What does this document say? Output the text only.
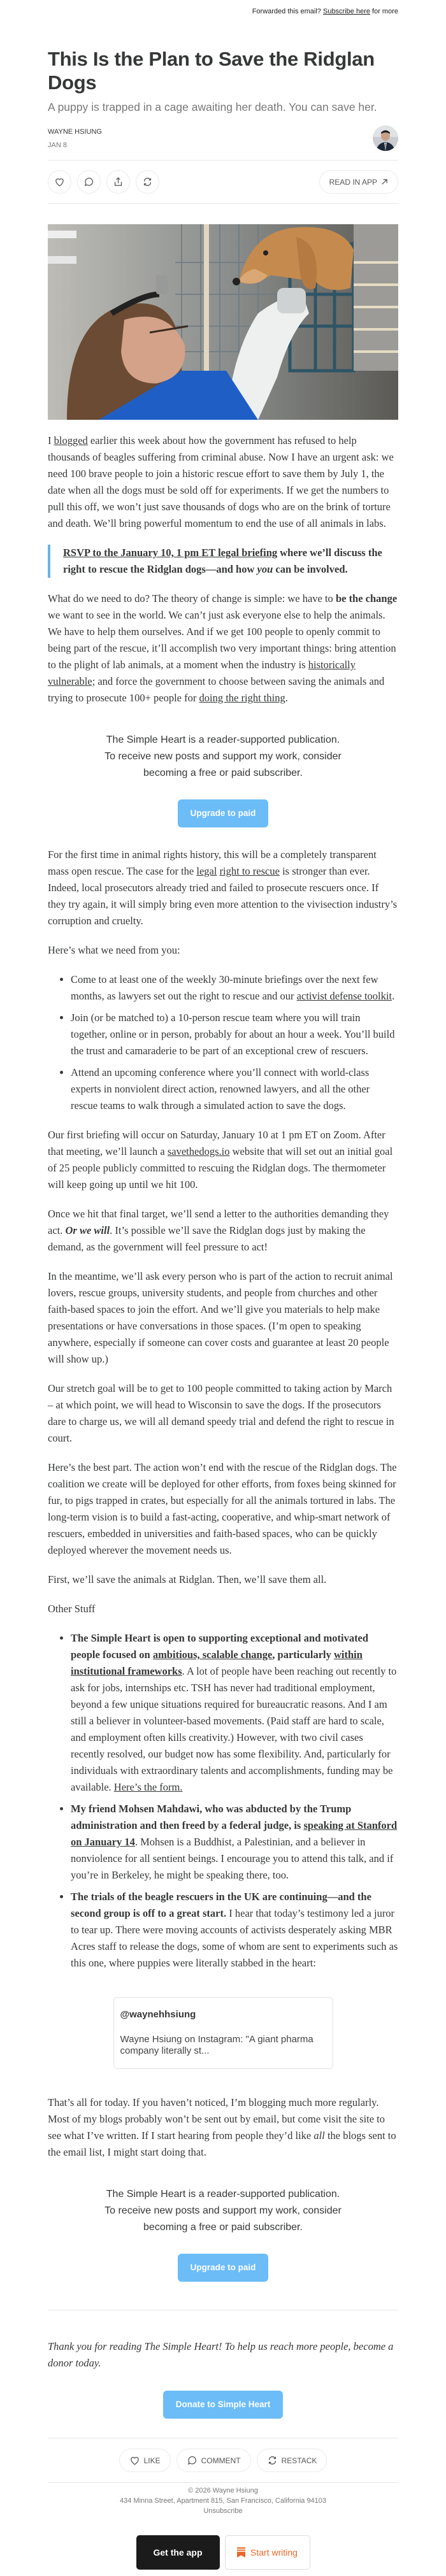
Forwarded this email? Subscribe here for more
This Is the Plan to Save the Ridglan Dogs
A puppy is trapped in a cage awaiting her death. You can save her.
WAYNE HSIUNG
JAN 8
READ IN APP

I blogged earlier this week about how the government has refused to help thousands of beagles suffering from criminal abuse. Now I have an urgent ask: we need 100 brave people to join a historic rescue effort to save them by July 1, the date when all the dogs must be sold off for experiments. If we get the numbers to pull this off, we won’t just save thousands of dogs who are on the brink of torture and death. We’ll bring powerful momentum to end the use of all animals in labs.

RSVP to the January 10, 1 pm ET legal briefing where we’ll discuss the right to rescue the Ridglan dogs—and how you can be involved.

What do we need to do? The theory of change is simple: we have to be the change we want to see in the world. We can’t just ask everyone else to help the animals. We have to help them ourselves. And if we get 100 people to openly commit to being part of the rescue, it’ll accomplish two very important things: bring attention to the plight of lab animals, at a moment when the industry is historically vulnerable; and force the government to choose between saving the animals and trying to prosecute 100+ people for doing the right thing.

The Simple Heart is a reader-supported publication.
To receive new posts and support my work, consider becoming a free or paid subscriber.
Upgrade to paid

For the first time in animal rights history, this will be a completely transparent mass open rescue. The case for the legal right to rescue is stronger than ever. Indeed, local prosecutors already tried and failed to prosecute rescuers once. If they try again, it will simply bring even more attention to the vivisection industry’s corruption and cruelty.

Here’s what we need from you:

• Come to at least one of the weekly 30-minute briefings over the next few months, as lawyers set out the right to rescue and our activist defense toolkit.
• Join (or be matched to) a 10-person rescue team where you will train together, online or in person, probably for about an hour a week. You’ll build the trust and camaraderie to be part of an exceptional crew of rescuers.
• Attend an upcoming conference where you’ll connect with world-class experts in nonviolent direct action, renowned lawyers, and all the other rescue teams to walk through a simulated action to save the dogs.

Our first briefing will occur on Saturday, January 10 at 1 pm ET on Zoom. After that meeting, we’ll launch a savethedogs.io website that will set out an initial goal of 25 people publicly committed to rescuing the Ridglan dogs. The thermometer will keep going up until we hit 100.

Once we hit that final target, we’ll send a letter to the authorities demanding they act. Or we will. It’s possible we’ll save the Ridglan dogs just by making the demand, as the government will feel pressure to act!

In the meantime, we’ll ask every person who is part of the action to recruit animal lovers, rescue groups, university students, and people from churches and other faith-based spaces to join the effort. And we’ll give you materials to help make presentations or have conversations in those spaces. (I’m open to speaking anywhere, especially if someone can cover costs and guarantee at least 20 people will show up.)

Our stretch goal will be to get to 100 people committed to taking action by March – at which point, we will head to Wisconsin to save the dogs. If the prosecutors dare to charge us, we will all demand speedy trial and defend the right to rescue in court.

Here’s the best part. The action won’t end with the rescue of the Ridglan dogs. The coalition we create will be deployed for other efforts, from foxes being skinned for fur, to pigs trapped in crates, but especially for all the animals tortured in labs. The long-term vision is to build a fast-acting, cooperative, and whip-smart network of rescuers, embedded in universities and faith-based spaces, who can be quickly deployed wherever the movement needs us.

First, we’ll save the animals at Ridglan. Then, we’ll save them all.

Other Stuff

• The Simple Heart is open to supporting exceptional and motivated people focused on ambitious, scalable change, particularly within institutional frameworks. A lot of people have been reaching out recently to ask for jobs, internships etc. TSH has never had traditional employment, beyond a few unique situations required for bureaucratic reasons. And I am still a believer in volunteer-based movements. (Paid staff are hard to scale, and employment often kills creativity.) However, with two civil cases recently resolved, our budget now has some flexibility. And, particularly for individuals with extraordinary talents and accomplishments, funding may be available. Here’s the form.
• My friend Mohsen Mahdawi, who was abducted by the Trump administration and then freed by a federal judge, is speaking at Stanford on January 14. Mohsen is a Buddhist, a Palestinian, and a believer in nonviolence for all sentient beings. I encourage you to attend this talk, and if you’re in Berkeley, he might be speaking there, too.
• The trials of the beagle rescuers in the UK are continuing—and the second group is off to a great start. I hear that today’s testimony led a juror to tear up. There were moving accounts of activists desperately asking MBR Acres staff to release the dogs, some of whom are sent to experiments such as this one, where puppies were literally stabbed in the heart:
@waynehhsiung
Wayne Hsiung on Instagram: "A giant pharma company literally st...

That’s all for today. If you haven’t noticed, I’m blogging much more regularly. Most of my blogs probably won’t be sent out by email, but come visit the site to see what I’ve written. If I start hearing from people they’d like all the blogs sent to the email list, I might start doing that.

The Simple Heart is a reader-supported publication.
To receive new posts and support my work, consider becoming a free or paid subscriber.
Upgrade to paid
Thank you for reading The Simple Heart! To help us reach more people, become a donor today.
Donate to Simple Heart
LIKE	COMMENT	RESTACK
© 2026 Wayne Hsiung
434 Minna Street, Apartment 815, San Francisco, California 94103
Unsubscribe
Get the app	Start writing
